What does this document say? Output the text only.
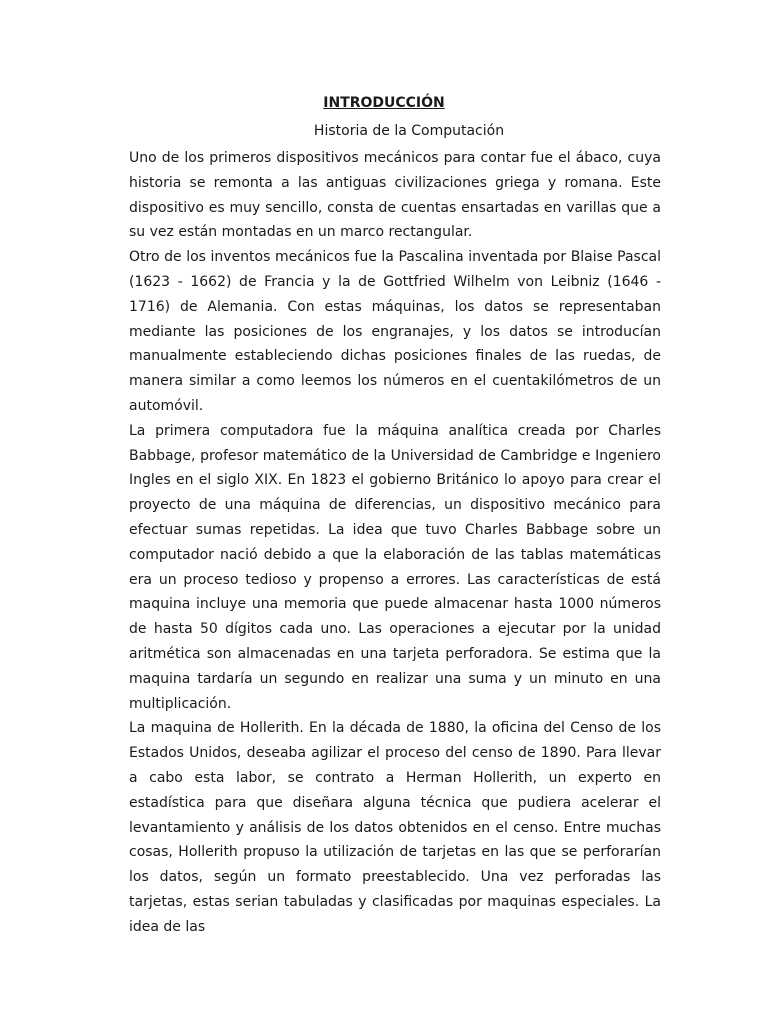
INTRODUCCIÓN
Historia de la Computación

Uno de los primeros dispositivos mecánicos para contar fue el ábaco, cuya historia se remonta a las antiguas civilizaciones griega y romana. Este dispositivo es muy sencillo, consta de cuentas ensartadas en varillas que a su vez están montadas en un marco rectangular.

Otro de los inventos mecánicos fue la Pascalina inventada por Blaise Pascal (1623 - 1662) de Francia y la de Gottfried Wilhelm von Leibniz (1646 - 1716) de Alemania. Con estas máquinas, los datos se representaban mediante las posiciones de los engranajes, y los datos se introducían manualmente estableciendo dichas posiciones finales de las ruedas, de manera similar a como leemos los números en el cuentakilómetros de un automóvil.

La primera computadora fue la máquina analítica creada por Charles Babbage, profesor matemático de la Universidad de Cambridge e Ingeniero Ingles en el siglo XIX. En 1823 el gobierno Británico lo apoyo para crear el proyecto de una máquina de diferencias, un dispositivo mecánico para efectuar sumas repetidas. La idea que tuvo Charles Babbage sobre un computador nació debido a que la elaboración de las tablas matemáticas era un proceso tedioso y propenso a errores. Las características de está maquina incluye una memoria que puede almacenar hasta 1000 números de hasta 50 dígitos cada uno. Las operaciones a ejecutar por la unidad aritmética son almacenadas en una tarjeta perforadora. Se estima que la maquina tardaría un segundo en realizar una suma y un minuto en una multiplicación.

La maquina de Hollerith. En la década de 1880, la oficina del Censo de los Estados Unidos, deseaba agilizar el proceso del censo de 1890. Para llevar a cabo esta labor, se contrato a Herman Hollerith, un experto en estadística para que diseñara alguna técnica que pudiera acelerar el levantamiento y análisis de los datos obtenidos en el censo. Entre muchas cosas, Hollerith propuso la utilización de tarjetas en las que se perforarían los datos, según un formato preestablecido. Una vez perforadas las tarjetas, estas serian tabuladas y clasificadas por maquinas especiales. La idea de las
